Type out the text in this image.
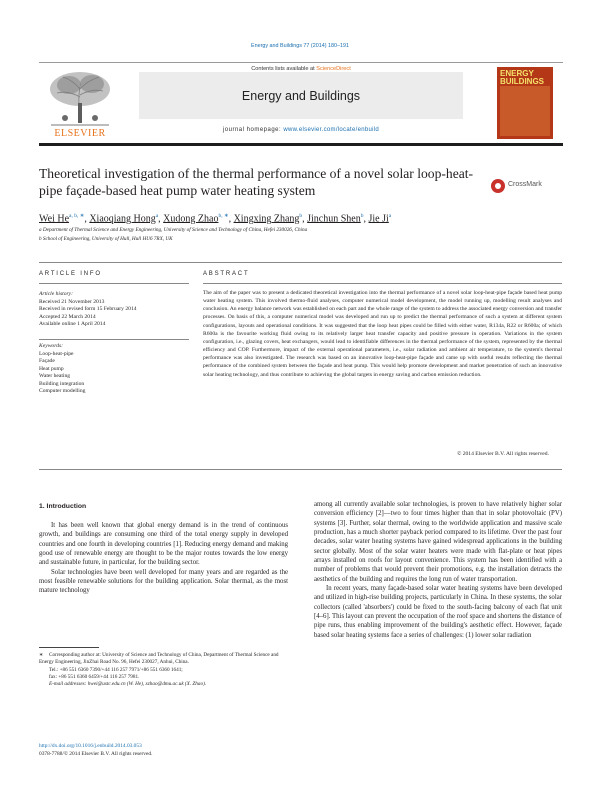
Energy and Buildings 77 (2014) 180–191
ELSEVIER
Contents lists available at ScienceDirect
Energy and Buildings
journal homepage: www.elsevier.com/locate/enbuild
ENERGY BUILDINGS
Theoretical investigation of the thermal performance of a novel solar loop-heat-pipe façade-based heat pump water heating system	CrossMark
Wei $He^{a, b, ∗}$, Xiaoqiang Hong$^a$, Xudong Zhao$^{b, ∗}$, Xingxing Zhang$^b$, Jinchun Shen$^b$, Jie Ji$^a$
a Department of Thermal Science and Energy Engineering, University of Science and Technology of China, Hefei 230026, China
b School of Engineering, University of Hull, Hull HU6 7RX, UK
ARTICLE INFO	ABSTRACT
Article history:
Received 21 November 2013
Received in revised form 15 February 2014
Accepted 22 March 2014
Available online 1 April 2014
Keywords:
Loop-heat-pipe
Façade
Heat pump
Water heating
Building integration
Computer modelling
The aim of the paper was to present a dedicated theoretical investigation into the thermal performance of a novel solar loop-heat-pipe façade based heat pump water heating system. This involved thermo-fluid analyses, computer numerical model development, the model running up, modelling result analyses and conclusion. An energy balance network was established on each part and the whole range of the system to address the associated energy conversion and transfer processes. On basis of this, a computer numerical model was developed and run up to predict the thermal performance of such a system at different system configurations, layouts and operational conditions. It was suggested that the loop heat pipes could be filled with either water, R134a, R22 or R600a; of which R600a is the favourite working fluid owing to its relatively larger heat transfer capacity and positive pressure in operation. Variations in the system configuration, i.e., glazing covers, heat exchangers, would lead to identifiable differences in the thermal performance of the system, represented by the thermal efficiency and COP. Furthermore, impact of the external operational parameters, i.e., solar radiation and ambient air temperature, to the system's thermal performance was also investigated. The research was based on an innovative loop-heat-pipe façade and came up with useful results reflecting the thermal performance of the combined system between the façade and heat pump. This would help promote development and market penetration of such an innovative solar heating technology, and thus contribute to achieving the global targets in energy saving and carbon emission reduction.
© 2014 Elsevier B.V. All rights reserved.
1. Introduction

It has been well known that global energy demand is in the trend of continuous growth, and buildings are consuming one third of the total energy supply in developed countries and one fourth in developing countries [1]. Reducing energy demand and making good use of renewable energy are thought to be the major routes towards the low energy and sustainable future, in particular, for the building sector.

Solar technologies have been well developed for many years and are regarded as the most feasible renewable solutions for the building application. Solar thermal, as the most mature technology

among all currently available solar technologies, is proven to have relatively higher solar conversion efficiency [2]—two to four times higher than that in solar photovoltaic (PV) systems [3]. Further, solar thermal, owing to the worldwide application and massive scale production, has a much shorter payback period compared to its lifetime. Over the past four decades, solar water heating systems have gained widespread applications in the building sector globally. Most of the solar water heaters were made with flat-plate or heat pipes arrays installed on roofs for layout convenience. This system has been identified with a number of problems that would prevent their promotions, e.g. the installation detracts the aesthetics of the building and requires the long run of water transportation.

In recent years, many façade-based solar water heating systems have been developed and utilized in high-rise building projects, particularly in China. In these systems, the solar collectors (called 'absorbers') could be fixed to the south-facing balcony of each flat unit [4–6]. This layout can prevent the occupation of the roof space and shortens the distance of pipe runs, thus enabling improvement of the building's aesthetic effect. However, façade based solar heating systems face a series of challenges: (1) lower solar radiation

∗ Corresponding author at: University of Science and Technology of China, Department of Thermal Science and Energy Engineering, JinZhai Road No. 96, Hefei 230027, Anhui, China.
Tel.: +86 551 6360 7390/+44 116 257 7971/+86 551 6360 1641;
fax: +86 551 6360 6459/+44 116 257 7981.
E-mail addresses: hwei@ustc.edu.cn (W. He), xzhao@dmu.ac.uk (X. Zhao).
http://dx.doi.org/10.1016/j.enbuild.2014.03.053
0378-7788/© 2014 Elsevier B.V. All rights reserved.
